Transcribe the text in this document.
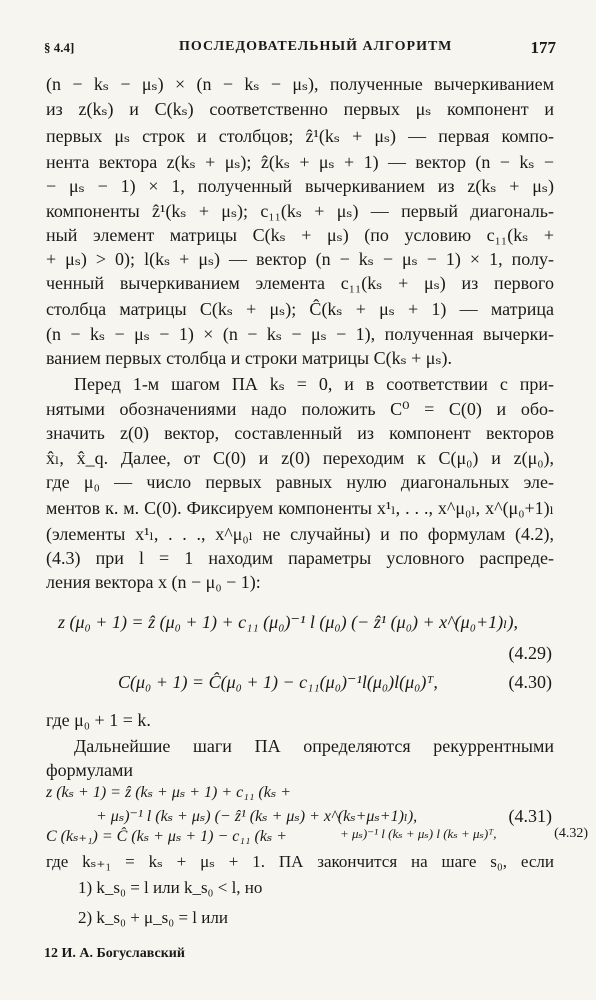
§ 4.4]	ПОСЛЕДОВАТЕЛЬНЫЙ АЛГОРИТМ	177
(n − kₛ − μₛ) × (n − kₛ − μₛ), полученные вычеркиванием
из z(kₛ) и C(kₛ) соответственно первых μₛ компонент и
первых μₛ строк и столбцов; ẑ¹(kₛ + μₛ) — первая компо-
нента вектора z(kₛ + μₛ); ẑ(kₛ + μₛ + 1) — вектор (n − kₛ −
− μₛ − 1) × 1, полученный вычеркиванием из z(kₛ + μₛ)
компоненты ẑ¹(kₛ + μₛ); c₁₁(kₛ + μₛ) — первый диагональ-
ный элемент матрицы C(kₛ + μₛ) (по условию c₁₁(kₛ +
+ μₛ) > 0); l(kₛ + μₛ) — вектор (n − kₛ − μₛ − 1) × 1, полу-
ченный вычеркиванием элемента c₁₁(kₛ + μₛ) из первого
столбца матрицы C(kₛ + μₛ); Ĉ(kₛ + μₛ + 1) — матрица
(n − kₛ − μₛ − 1) × (n − kₛ − μₛ − 1), полученная вычерки-
ванием первых столбца и строки матрицы C(kₛ + μₛ).
Перед 1-м шагом ПА kₛ = 0, и в соответствии с при-
нятыми обозначениями надо положить C⁰ = C(0) и обо-
значить z(0) вектор, составленный из компонент векторов
x̂ₗ, x̂_q. Далее, от C(0) и z(0) переходим к C(μ₀) и z(μ₀),
где μ₀ — число первых равных нулю диагональных эле-
ментов к. м. C(0). Фиксируем компоненты x¹ₗ, . . ., x^μ₀ₗ, x^(μ₀+1)ₗ
(элементы x¹ₗ, . . ., x^μ₀ₗ не случайны) и по формулам (4.2),
(4.3) при l = 1 находим параметры условного распреде-
ления вектора x (n − μ₀ − 1):
z (μ₀ + 1) = ẑ (μ₀ + 1) + c₁₁ (μ₀)⁻¹ l (μ₀) (− ẑ¹ (μ₀) + x^(μ₀+1)ₗ),
(4.29)
C(μ₀ + 1) = Ĉ(μ₀ + 1) − c₁₁(μ₀)⁻¹l(μ₀)l(μ₀)ᵀ,	(4.30)
где μ₀ + 1 = k.
Дальнейшие шаги ПА определяются рекуррентными
формулами
z (kₛ + 1) = ẑ (kₛ + μₛ + 1) + c₁₁ (kₛ +
+ μₛ)⁻¹ l (kₛ + μₛ) (− ẑ¹ (kₛ + μₛ) + x^(kₛ+μₛ+1)ₗ),	(4.31)
C (kₛ₊₁) = Ĉ (kₛ + μₛ + 1) − c₁₁ (kₛ +	+ μₛ)⁻¹ l (kₛ + μₛ) l (kₛ + μₛ)ᵀ,	(4.32)
где kₛ₊₁ = kₛ + μₛ + 1. ПА закончится на шаге s₀, если
12 И. А. Богуславский
1) k_s₀ = l или k_s₀ < l, но
2) k_s₀ + μ_s₀ = l или
